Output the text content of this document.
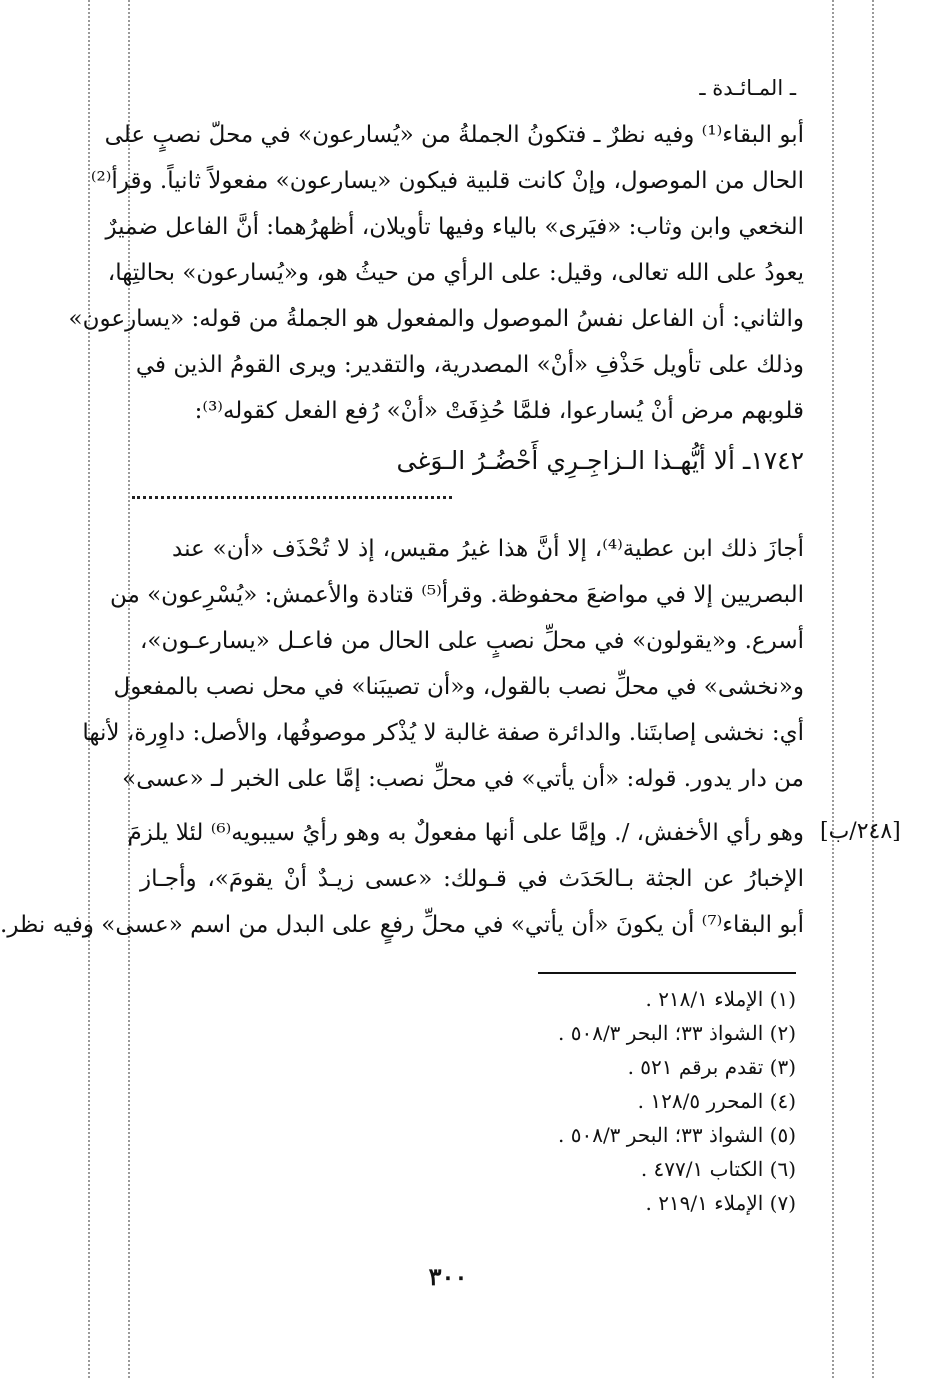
ـ المـائـدة ـ
أبو البقاء⁽¹⁾ وفيه نظرٌ ـ فتكونُ الجملةُ من «يُسارعون» في محلّ نصبٍ على
الحال من الموصول، وإنْ كانت قلبية فيكون «يسارعون» مفعولاً ثانياً. وقرأ⁽²⁾
النخعي وابن وثاب: «فيَرى» بالياء وفيها تأويلان، أظهرُهما: أنَّ الفاعل ضميرٌ
يعودُ على الله تعالى، وقيل: على الرأي من حيثُ هو، و«يُسارعون» بحالتِها،
والثاني: أن الفاعل نفسُ الموصول والمفعول هو الجملةُ من قوله: «يسارعون»
وذلك على تأويل حَذْفِ «أنْ» المصدرية، والتقدير: ويرى القومُ الذين في
قلوبهم مرض أنْ يُسارعوا، فلمَّا حُذِفَتْ «أنْ» رُفع الفعل كقوله⁽³⁾:
١٧٤٢ـ ألا أيُّهـذا الـزاجِـرِي أَحْضُـرُ الـوَغى
أجازَ ذلك ابن عطية⁽⁴⁾، إلا أنَّ هذا غيرُ مقيس، إذ لا تُحْذَف «أن» عند
البصريين إلا في مواضعَ محفوظة. وقرأ⁽⁵⁾ قتادة والأعمش: «يُسْرِعون» من
أسرع. و«يقولون» في محلِّ نصبٍ على الحال من فاعـل «يسارعـون»،
و«نخشى» في محلِّ نصب بالقول، و«أن تصيبَنا» في محل نصب بالمفعول
أي: نخشى إصابتَنا. والدائرة صفة غالبة لا يُذْكر موصوفُها، والأصل: داوِرة، لأنها
من دار يدور. قوله: «أن يأتي» في محلِّ نصب: إمَّا على الخبر لـ «عسى»
وهو رأي الأخفش، /. وإمَّا على أنها مفعولٌ به وهو رأيُ سيبويه⁽⁶⁾ لئلا يلزمَ
الإخبارُ عن الجثة بـالحَدَث في قـولك: «عسى زيـدٌ أنْ يقومَ»، وأجـاز
أبو البقاء⁽⁷⁾ أن يكونَ «أن يأتي» في محلِّ رفعٍ على البدل من اسم «عسى» وفيه نظر.
[٢٤٨/ب]
(١) الإملاء ٢١٨/١ .
(٢) الشواذ ٣٣؛ البحر ٥٠٨/٣ .
(٣) تقدم برقم ٥٢١ .
(٤) المحرر ١٢٨/٥ .
(٥) الشواذ ٣٣؛ البحر ٥٠٨/٣ .
(٦) الكتاب ٤٧٧/١ .
(٧) الإملاء ٢١٩/١ .
٣٠٠
